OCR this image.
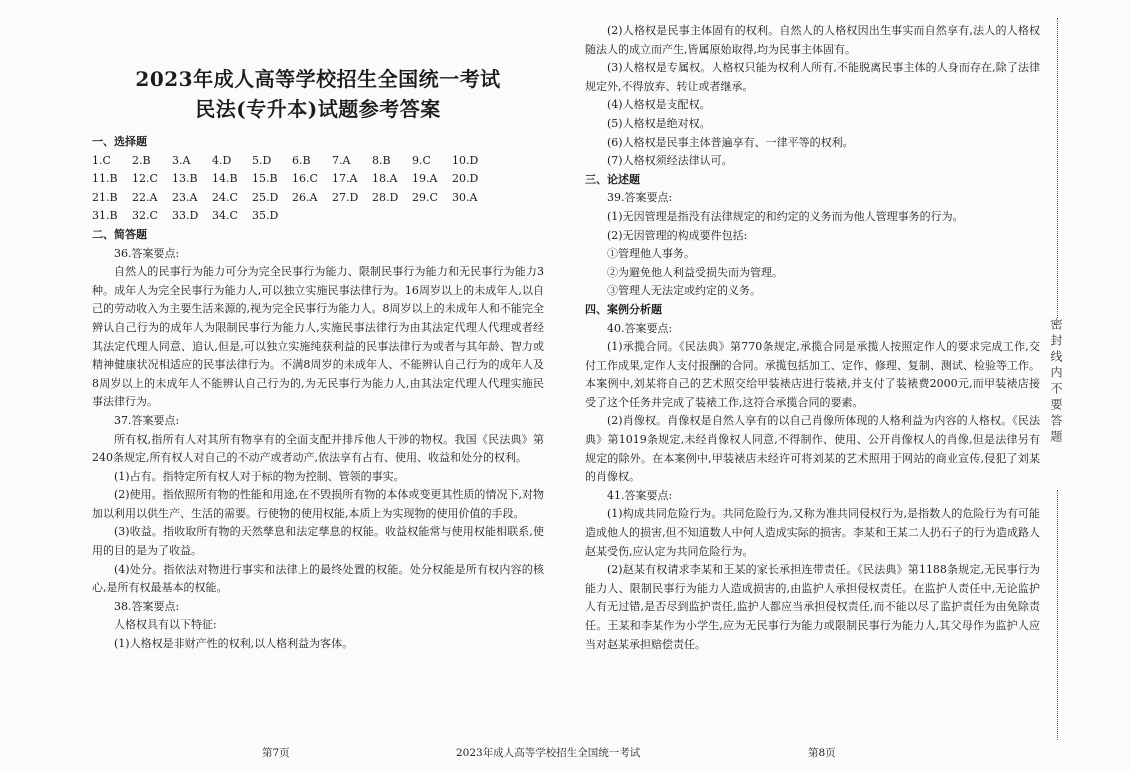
2023年成人高等学校招生全国统一考试
民法(专升本)试题参考答案

一、选择题

1.C	2.B	3.A	4.D	5.D	6.B	7.A	8.B	9.C	10.D
11.B	12.C	13.B	14.B	15.B	16.C	17.A	18.A	19.A	20.D
21.B	22.A	23.A	24.C	25.D	26.A	27.D	28.D	29.C	30.A
31.B	32.C	33.D	34.C	35.D

二、简答题

36.答案要点:

自然人的民事行为能力可分为完全民事行为能力、限制民事行为能力和无民事行为能力3种。成年人为完全民事行为能力人,可以独立实施民事法律行为。16周岁以上的未成年人,以自己的劳动收入为主要生活来源的,视为完全民事行为能力人。8周岁以上的未成年人和不能完全辨认自己行为的成年人为限制民事行为能力人,实施民事法律行为由其法定代理人代理或者经其法定代理人同意、追认,但是,可以独立实施纯获利益的民事法律行为或者与其年龄、智力或精神健康状况相适应的民事法律行为。不满8周岁的未成年人、不能辨认自己行为的成年人及8周岁以上的未成年人不能辨认自己行为的,为无民事行为能力人,由其法定代理人代理实施民事法律行为。

37.答案要点:

所有权,指所有人对其所有物享有的全面支配并排斥他人干涉的物权。我国《民法典》第240条规定,所有权人对自己的不动产或者动产,依法享有占有、使用、收益和处分的权利。

(1)占有。指特定所有权人对于标的物为控制、管领的事实。

(2)使用。指依照所有物的性能和用途,在不毁损所有物的本体或变更其性质的情况下,对物加以利用以供生产、生活的需要。行使物的使用权能,本质上为实现物的使用价值的手段。

(3)收益。指收取所有物的天然孳息和法定孳息的权能。收益权能常与使用权能相联系,使用的目的是为了收益。

(4)处分。指依法对物进行事实和法律上的最终处置的权能。处分权能是所有权内容的核心,是所有权最基本的权能。

38.答案要点:

人格权具有以下特征:

(1)人格权是非财产性的权利,以人格利益为客体。

(2)人格权是民事主体固有的权利。自然人的人格权因出生事实而自然享有,法人的人格权随法人的成立而产生,皆属原始取得,均为民事主体固有。

(3)人格权是专属权。人格权只能为权利人所有,不能脱离民事主体的人身而存在,除了法律规定外,不得放弃、转让或者继承。

(4)人格权是支配权。

(5)人格权是绝对权。

(6)人格权是民事主体普遍享有、一律平等的权利。

(7)人格权须经法律认可。

三、论述题

39.答案要点:

(1)无因管理是指没有法律规定的和约定的义务而为他人管理事务的行为。

(2)无因管理的构成要件包括:

①管理他人事务。

②为避免他人利益受损失而为管理。

③管理人无法定或约定的义务。

四、案例分析题

40.答案要点:

(1)承揽合同。《民法典》第770条规定,承揽合同是承揽人按照定作人的要求完成工作,交付工作成果,定作人支付报酬的合同。承揽包括加工、定作、修理、复制、测试、检验等工作。本案例中,刘某将自己的艺术照交给甲装裱店进行装裱,并支付了装裱费2000元,而甲装裱店接受了这个任务并完成了装裱工作,这符合承揽合同的要素。

(2)肖像权。肖像权是自然人享有的以自己肖像所体现的人格利益为内容的人格权。《民法典》第1019条规定,未经肖像权人同意,不得制作、使用、公开肖像权人的肖像,但是法律另有规定的除外。在本案例中,甲装裱店未经许可将刘某的艺术照用于网站的商业宣传,侵犯了刘某的肖像权。

41.答案要点:

(1)构成共同危险行为。共同危险行为,又称为准共同侵权行为,是指数人的危险行为有可能造成他人的损害,但不知道数人中何人造成实际的损害。李某和王某二人扔石子的行为造成路人赵某受伤,应认定为共同危险行为。

(2)赵某有权请求李某和王某的家长承担连带责任。《民法典》第1188条规定,无民事行为能力人、限制民事行为能力人造成损害的,由监护人承担侵权责任。在监护人责任中,无论监护人有无过错,是否尽到监护责任,监护人都应当承担侵权责任,而不能以尽了监护责任为由免除责任。王某和李某作为小学生,应为无民事行为能力或限制民事行为能力人,其父母作为监护人应当对赵某承担赔偿责任。

密封线内不要答题
第7页	2023年成人高等学校招生全国统一考试	第8页
